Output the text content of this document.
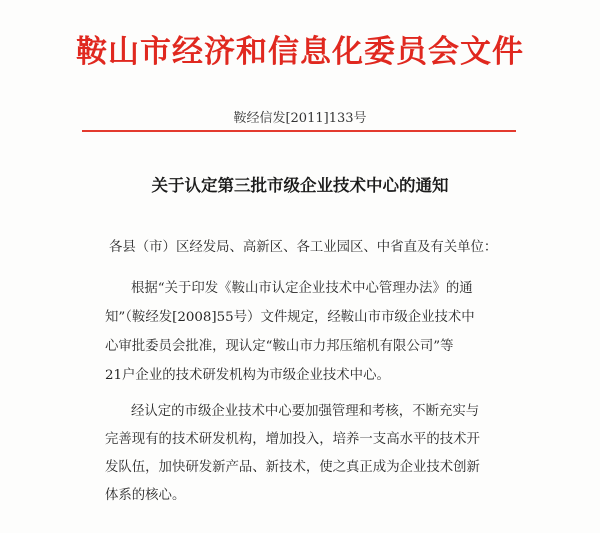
鞍山市经济和信息化委员会文件
鞍经信发[2011]133号
关于认定第三批市级企业技术中心的通知
各县（市）区经发局、高新区、各工业园区、中省直及有关单位：
根据“关于印发《鞍山市认定企业技术中心管理办法》的通
知”（鞍经发[2008]55号）文件规定，经鞍山市市级企业技术中
心审批委员会批准，现认定“鞍山市力邦压缩机有限公司”等
21户企业的技术研发机构为市级企业技术中心。
经认定的市级企业技术中心要加强管理和考核，不断充实与
完善现有的技术研发机构，增加投入，培养一支高水平的技术开
发队伍，加快研发新产品、新技术，使之真正成为企业技术创新
体系的核心。
